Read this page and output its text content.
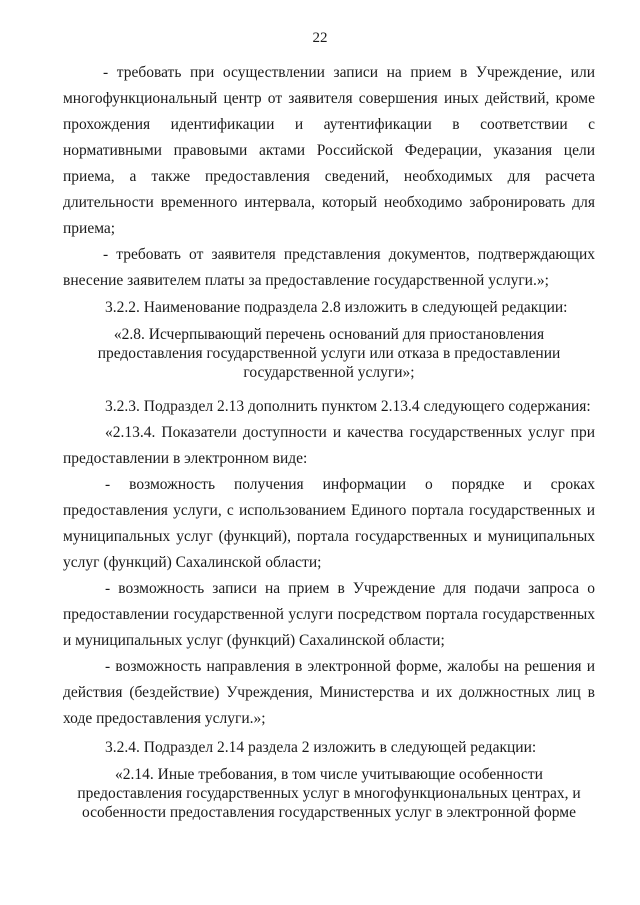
22

- требовать при осуществлении записи на прием в Учреждение, или многофункциональный центр от заявителя совершения иных действий, кроме прохождения идентификации и аутентификации в соответствии с нормативными правовыми актами Российской Федерации, указания цели приема, а также предоставления сведений, необходимых для расчета длительности временного интервала, который необходимо забронировать для приема;

- требовать от заявителя представления документов, подтверждающих внесение заявителем платы за предоставление государственной услуги.»;

3.2.2. Наименование подраздела 2.8 изложить в следующей редакции:

«2.8. Исчерпывающий перечень оснований для приостановления предоставления государственной услуги или отказа в предоставлении государственной услуги»;

3.2.3. Подраздел 2.13 дополнить пунктом 2.13.4 следующего содержания:

«2.13.4. Показатели доступности и качества государственных услуг при предоставлении в электронном виде:

- возможность получения информации о порядке и сроках предоставления услуги, с использованием Единого портала государственных и муниципальных услуг (функций), портала государственных и муниципальных услуг (функций) Сахалинской области;

- возможность записи на прием в Учреждение для подачи запроса о предоставлении государственной услуги посредством портала государственных и муниципальных услуг (функций) Сахалинской области;

- возможность направления в электронной форме, жалобы на решения и действия (бездействие) Учреждения, Министерства и их должностных лиц в ходе предоставления услуги.»;

3.2.4. Подраздел 2.14 раздела 2 изложить в следующей редакции:

«2.14. Иные требования, в том числе учитывающие особенности предоставления государственных услуг в многофункциональных центрах, и особенности предоставления государственных услуг в электронной форме
